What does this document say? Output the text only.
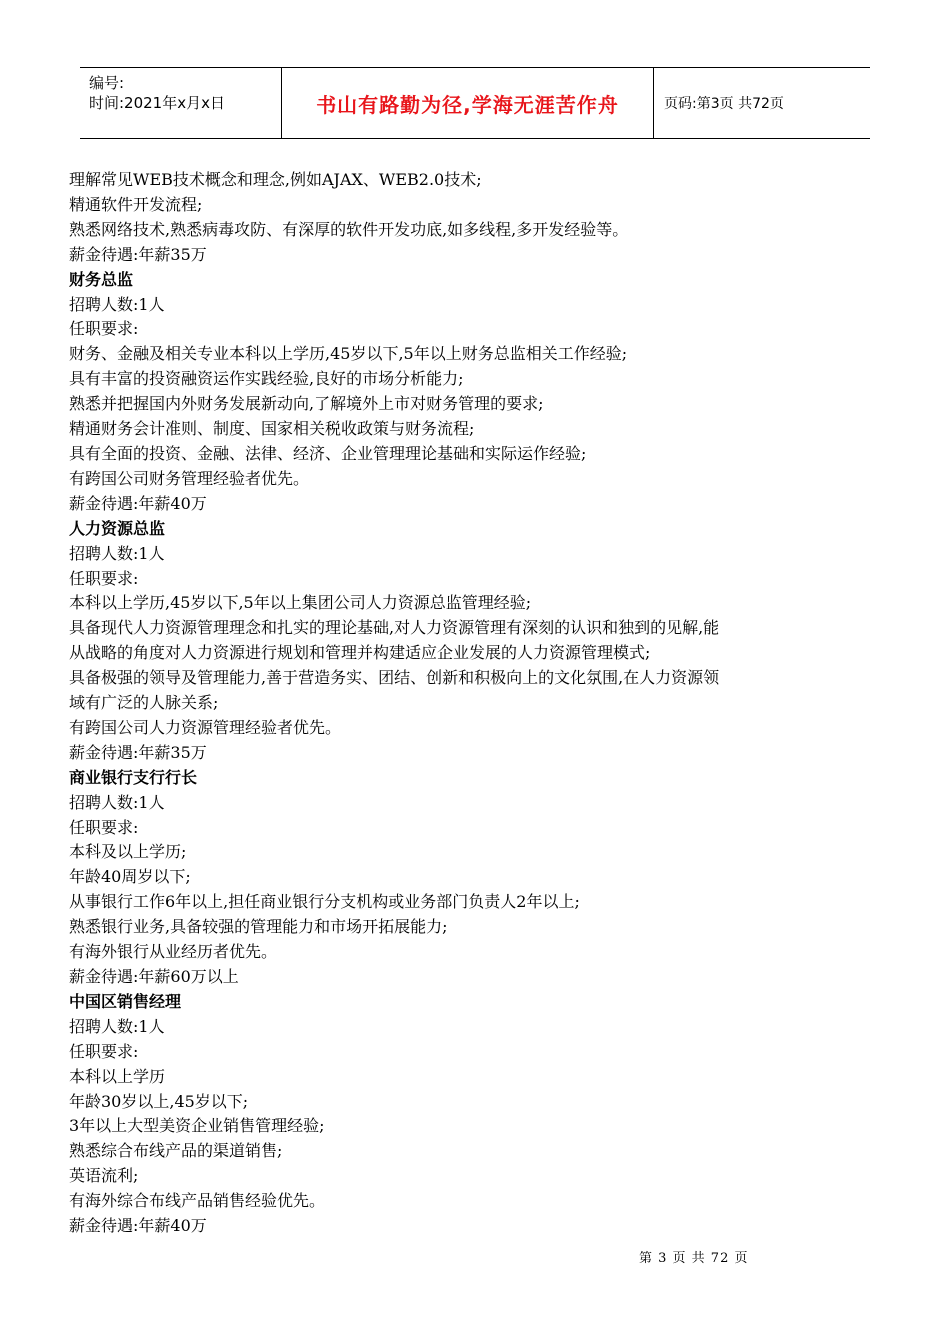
编号:
时间:2021年x月x日	书山有路勤为径,学海无涯苦作舟	页码:第3页 共72页
理解常见WEB技术概念和理念,例如AJAX、WEB2.0技术;
精通软件开发流程;
熟悉网络技术,熟悉病毒攻防、有深厚的软件开发功底,如多线程,多开发经验等。
薪金待遇:年薪35万
财务总监
招聘人数:1人
任职要求:
财务、金融及相关专业本科以上学历,45岁以下,5年以上财务总监相关工作经验;
具有丰富的投资融资运作实践经验,良好的市场分析能力;
熟悉并把握国内外财务发展新动向,了解境外上市对财务管理的要求;
精通财务会计准则、制度、国家相关税收政策与财务流程;
具有全面的投资、金融、法律、经济、企业管理理论基础和实际运作经验;
有跨国公司财务管理经验者优先。
薪金待遇:年薪40万
人力资源总监
招聘人数:1人
任职要求:
本科以上学历,45岁以下,5年以上集团公司人力资源总监管理经验;
具备现代人力资源管理理念和扎实的理论基础,对人力资源管理有深刻的认识和独到的见解,能
从战略的角度对人力资源进行规划和管理并构建适应企业发展的人力资源管理模式;
具备极强的领导及管理能力,善于营造务实、团结、创新和积极向上的文化氛围,在人力资源领
域有广泛的人脉关系;
有跨国公司人力资源管理经验者优先。
薪金待遇:年薪35万
商业银行支行行长
招聘人数:1人
任职要求:
本科及以上学历;
年龄40周岁以下;
从事银行工作6年以上,担任商业银行分支机构或业务部门负责人2年以上;
熟悉银行业务,具备较强的管理能力和市场开拓展能力;
有海外银行从业经历者优先。
薪金待遇:年薪60万以上
中国区销售经理
招聘人数:1人
任职要求:
本科以上学历
年龄30岁以上,45岁以下;
3年以上大型美资企业销售管理经验;
熟悉综合布线产品的渠道销售;
英语流利;
有海外综合布线产品销售经验优先。
薪金待遇:年薪40万
第 3 页 共 72 页
